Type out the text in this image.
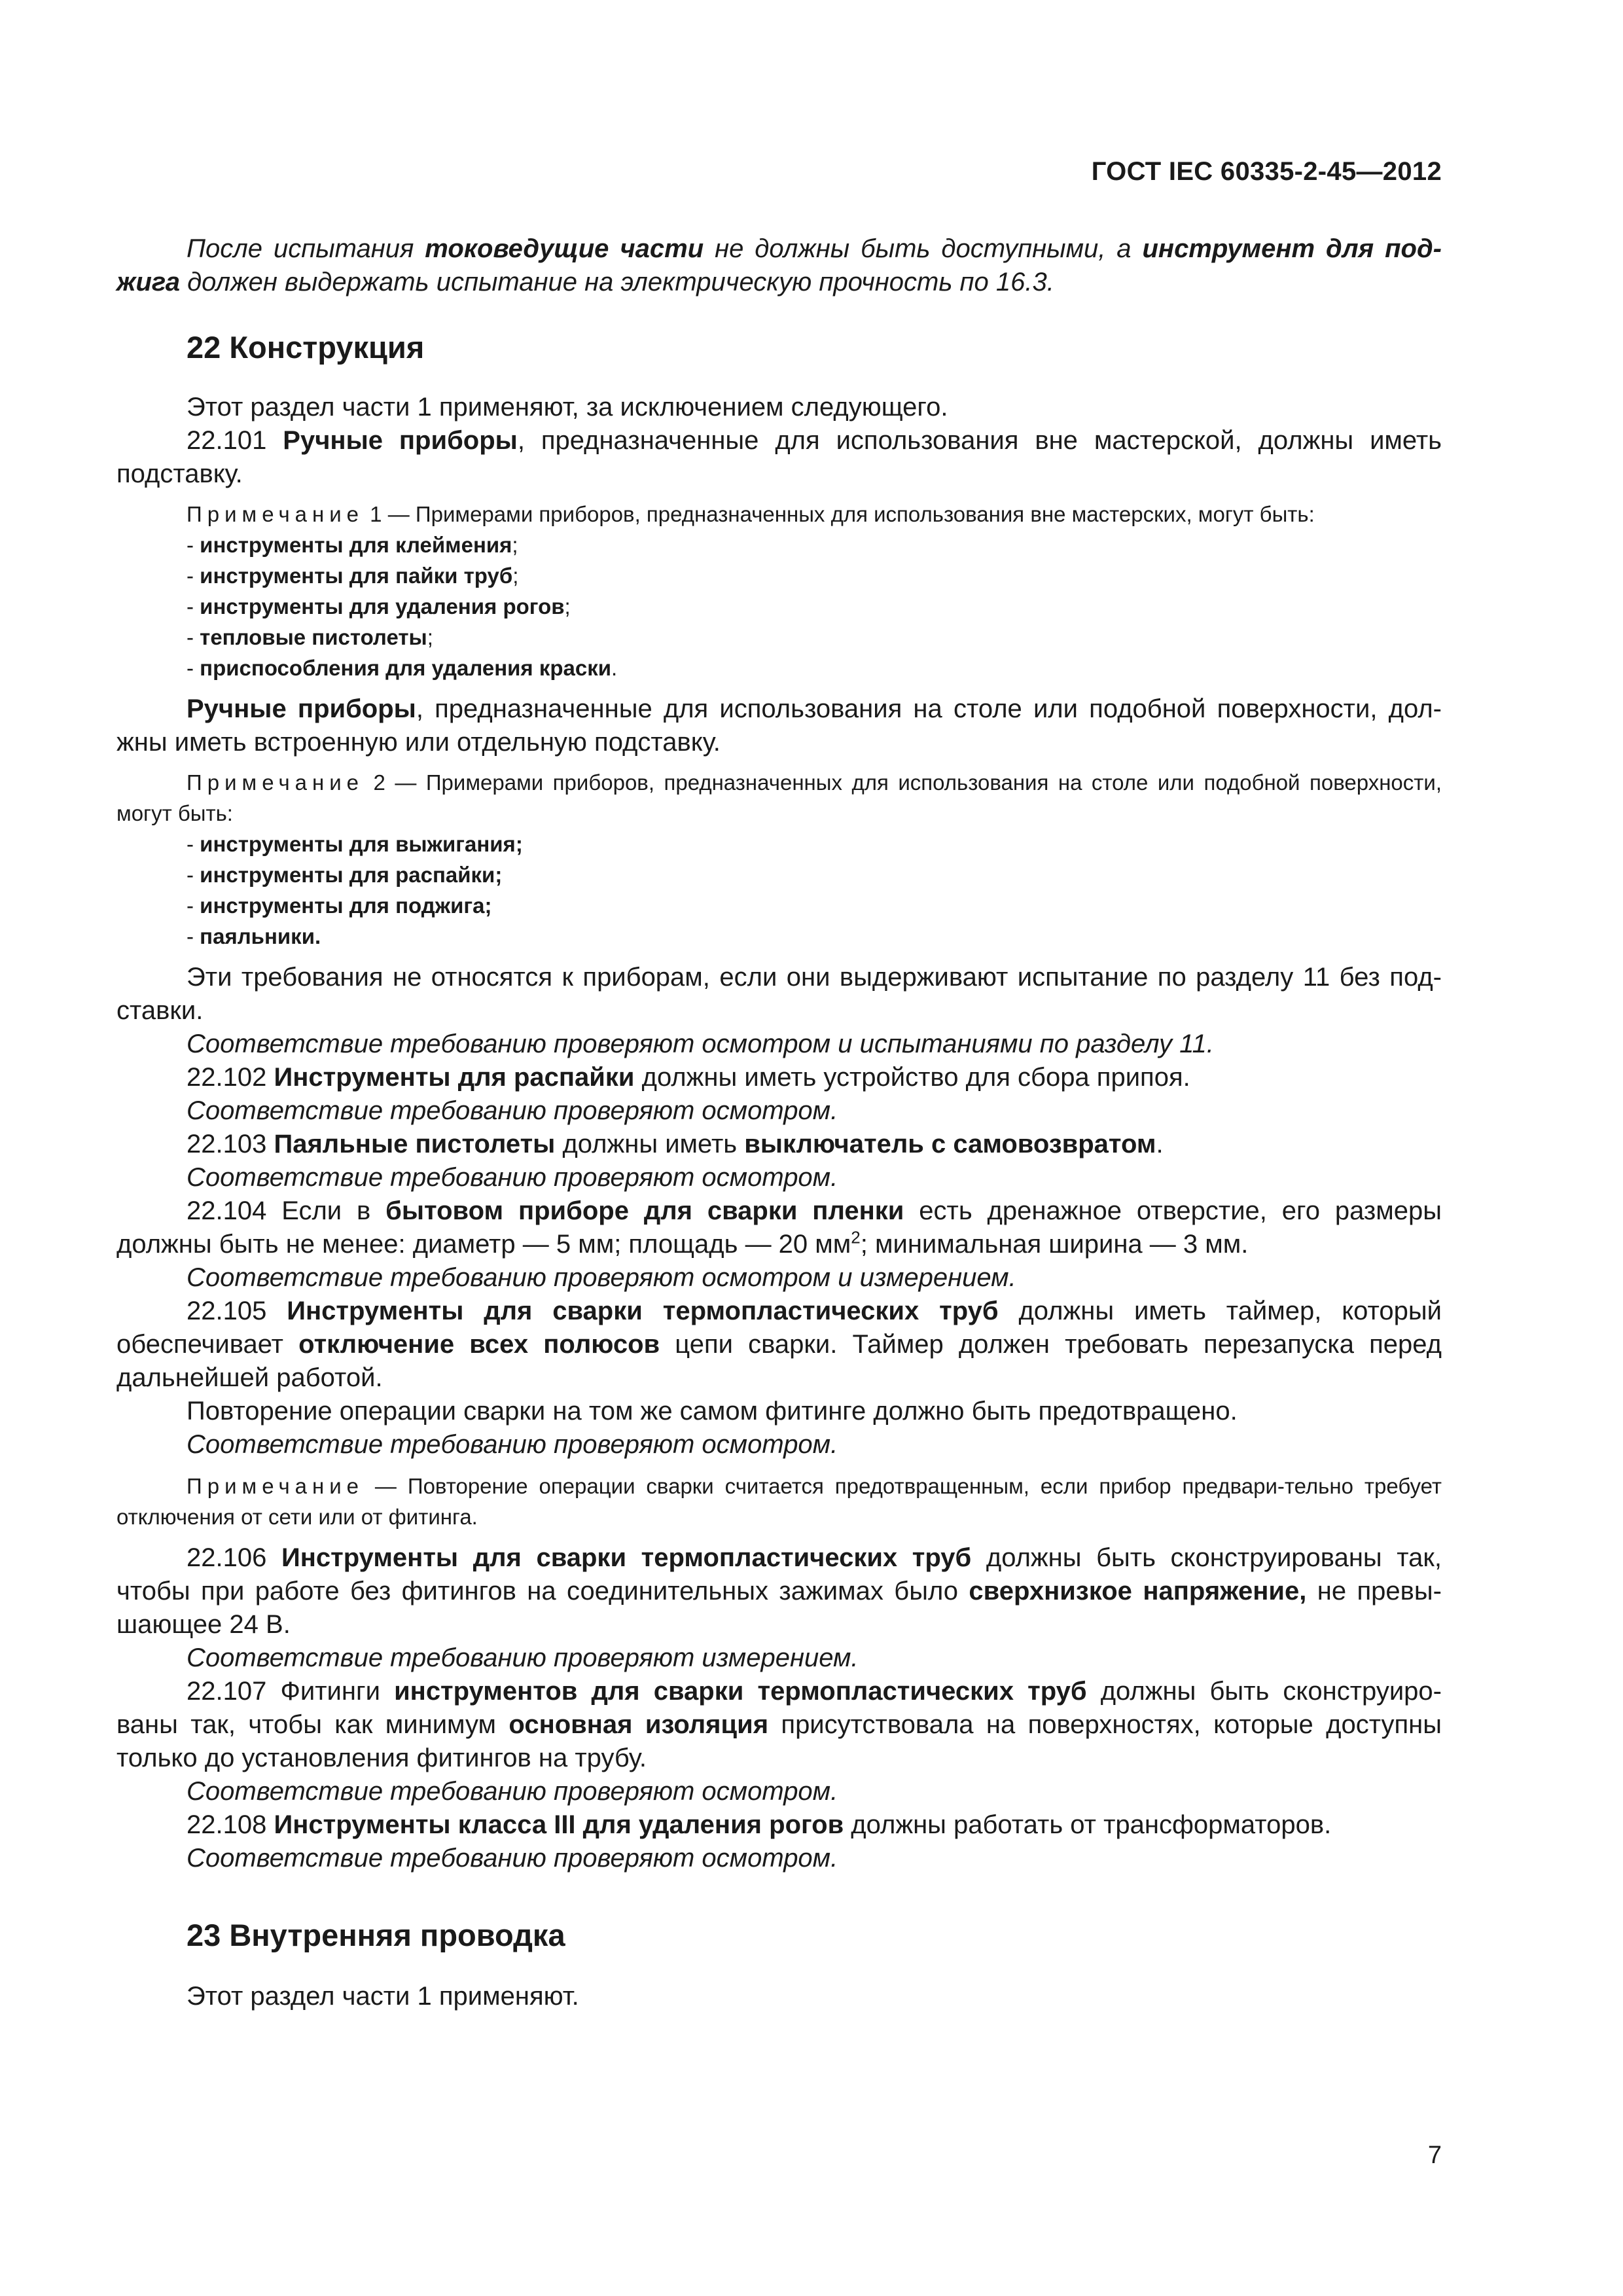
ГОСТ IEC 60335-2-45—2012

После испытания токоведущие части не должны быть доступными, а инструмент для под-жига должен выдержать испытание на электрическую прочность по 16.3.

22 Конструкция

Этот раздел части 1 применяют, за исключением следующего.

22.101 Ручные приборы, предназначенные для использования вне мастерской, должны иметь подставку.

Примечание 1 — Примерами приборов, предназначенных для использования вне мастерских, могут быть:

- инструменты для клеймения;
- инструменты для пайки труб;
- инструменты для удаления рогов;
- тепловые пистолеты;
- приспособления для удаления краски.

Ручные приборы, предназначенные для использования на столе или подобной поверхности, дол-жны иметь встроенную или отдельную подставку.

Примечание 2 — Примерами приборов, предназначенных для использования на столе или подобной поверхности, могут быть:

- инструменты для выжигания;
- инструменты для распайки;
- инструменты для поджига;
- паяльники.

Эти требования не относятся к приборам, если они выдерживают испытание по разделу 11 без под-ставки.

Соответствие требованию проверяют осмотром и испытаниями по разделу 11.

22.102 Инструменты для распайки должны иметь устройство для сбора припоя.

Соответствие требованию проверяют осмотром.

22.103 Паяльные пистолеты должны иметь выключатель с самовозвратом.

Соответствие требованию проверяют осмотром.

22.104 Если в бытовом приборе для сварки пленки есть дренажное отверстие, его размеры должны быть не менее: диаметр — 5 мм; площадь — 20 $мм^2$; минимальная ширина — 3 мм.

Соответствие требованию проверяют осмотром и измерением.

22.105 Инструменты для сварки термопластических труб должны иметь таймер, который обеспечивает отключение всех полюсов цепи сварки. Таймер должен требовать перезапуска перед дальнейшей работой.

Повторение операции сварки на том же самом фитинге должно быть предотвращено.

Соответствие требованию проверяют осмотром.

Примечание — Повторение операции сварки считается предотвращенным, если прибор предвари-тельно требует отключения от сети или от фитинга.

22.106 Инструменты для сварки термопластических труб должны быть сконструированы так, чтобы при работе без фитингов на соединительных зажимах было сверхнизкое напряжение, не превы-шающее 24 В.

Соответствие требованию проверяют измерением.

22.107 Фитинги инструментов для сварки термопластических труб должны быть сконструиро-ваны так, чтобы как минимум основная изоляция присутствовала на поверхностях, которые доступны только до установления фитингов на трубу.

Соответствие требованию проверяют осмотром.

22.108 Инструменты класса III для удаления рогов должны работать от трансформаторов.

Соответствие требованию проверяют осмотром.

23 Внутренняя проводка

Этот раздел части 1 применяют.

7
